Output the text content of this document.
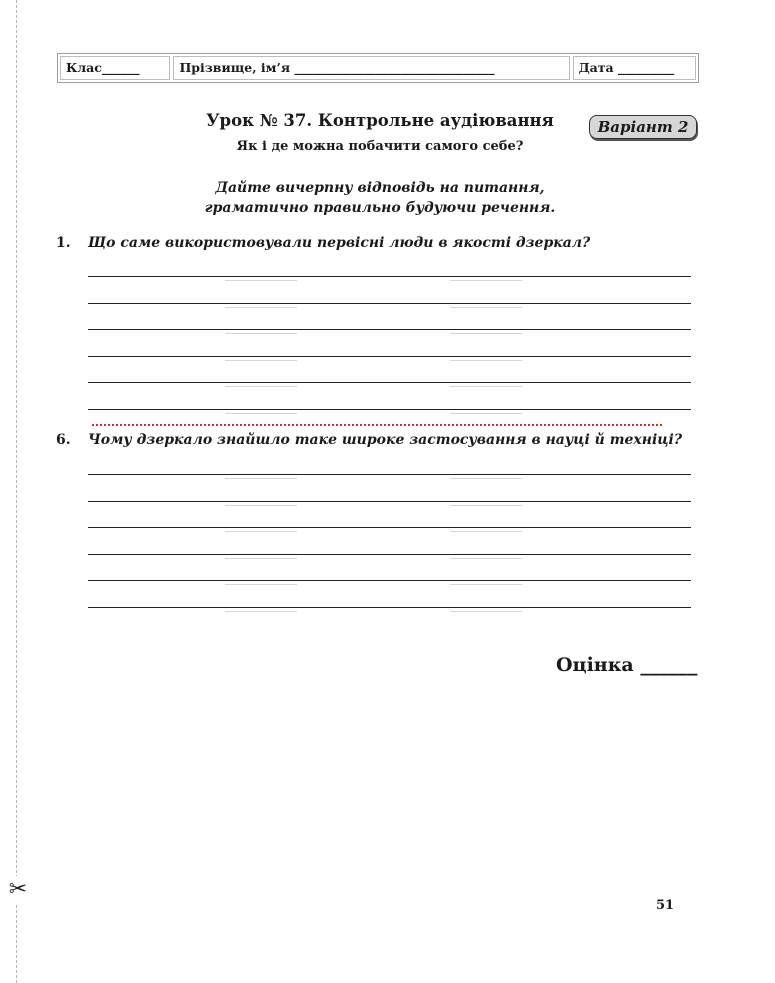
✂
Клас______	Прізвище, ім’я ________________________________	Дата _________
Урок № 37. Контрольне аудіювання	Варіант 2
Як і де можна побачити самого себе?
Дайте вичерпну відповідь на питання,
граматично правильно будуючи речення.
1. Що саме використовували первісні люди в якості дзеркал?
6. Чому дзеркало знайшло таке широке застосування в науці й техніці?
Оцінка ______
51
